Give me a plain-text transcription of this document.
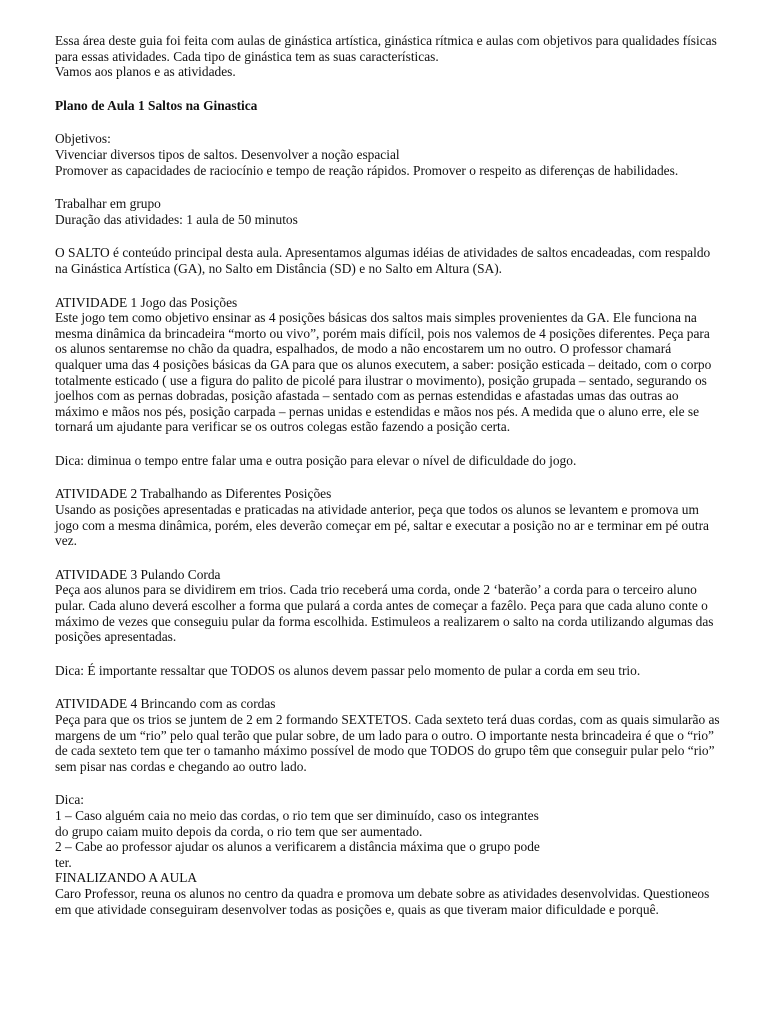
Essa área deste guia foi feita com aulas de ginástica artística, ginástica rítmica e aulas com objetivos para qualidades físicas para essas atividades. Cada tipo de ginástica tem as suas características.

Vamos aos planos e as atividades.

Plano de Aula 1 Saltos na Ginastica

Objetivos:

Vivenciar diversos tipos de saltos. Desenvolver a noção espacial

Promover as capacidades de raciocínio e tempo de reação rápidos. Promover o respeito as diferenças de habilidades.

Trabalhar em grupo

Duração das atividades: 1 aula de 50 minutos

O SALTO é conteúdo principal desta aula. Apresentamos algumas idéias de atividades de saltos encadeadas, com respaldo na Ginástica Artística (GA), no Salto em Distância (SD) e no Salto em Altura (SA).

ATIVIDADE 1 Jogo das Posições

Este jogo tem como objetivo ensinar as 4 posições básicas dos saltos mais simples provenientes da GA. Ele funciona na mesma dinâmica da brincadeira “morto ou vivo”, porém mais difícil, pois nos valemos de 4 posições diferentes. Peça para os alunos sentaremse no chão da quadra, espalhados, de modo a não encostarem um no outro. O professor chamará qualquer uma das 4 posições básicas da GA para que os alunos executem, a saber: posição esticada – deitado, com o corpo totalmente esticado ( use a figura do palito de picolé para ilustrar o movimento), posição grupada – sentado, segurando os joelhos com as pernas dobradas, posição afastada – sentado com as pernas estendidas e afastadas umas das outras ao máximo e mãos nos pés, posição carpada – pernas unidas e estendidas e mãos nos pés. A medida que o aluno erre, ele se tornará um ajudante para verificar se os outros colegas estão fazendo a posição certa.

Dica: diminua o tempo entre falar uma e outra posição para elevar o nível de dificuldade do jogo.

ATIVIDADE 2 Trabalhando as Diferentes Posições

Usando as posições apresentadas e praticadas na atividade anterior, peça que todos os alunos se levantem e promova um jogo com a mesma dinâmica, porém, eles deverão começar em pé, saltar e executar a posição no ar e terminar em pé outra vez.

ATIVIDADE 3 Pulando Corda

Peça aos alunos para se dividirem em trios. Cada trio receberá uma corda, onde 2 ‘baterão’ a corda para o terceiro aluno pular. Cada aluno deverá escolher a forma que pulará a corda antes de começar a fazêlo. Peça para que cada aluno conte o máximo de vezes que conseguiu pular da forma escolhida. Estimuleos a realizarem o salto na corda utilizando algumas das posições apresentadas.

Dica: É importante ressaltar que TODOS os alunos devem passar pelo momento de pular a corda em seu trio.

ATIVIDADE 4 Brincando com as cordas

Peça para que os trios se juntem de 2 em 2 formando SEXTETOS. Cada sexteto terá duas cordas, com as quais simularão as margens de um “rio” pelo qual terão que pular sobre, de um lado para o outro. O importante nesta brincadeira é que o “rio” de cada sexteto tem que ter o tamanho máximo possível de modo que TODOS do grupo têm que conseguir pular pelo “rio” sem pisar nas cordas e chegando ao outro lado.

Dica:

1 – Caso alguém caia no meio das cordas, o rio tem que ser diminuído, caso os integrantes

do grupo caiam muito depois da corda, o rio tem que ser aumentado.

2 – Cabe ao professor ajudar os alunos a verificarem a distância máxima que o grupo pode

ter.

FINALIZANDO A AULA

Caro Professor, reuna os alunos no centro da quadra e promova um debate sobre as atividades desenvolvidas. Questioneos em que atividade conseguiram desenvolver todas as posições e, quais as que tiveram maior dificuldade e porquê.
